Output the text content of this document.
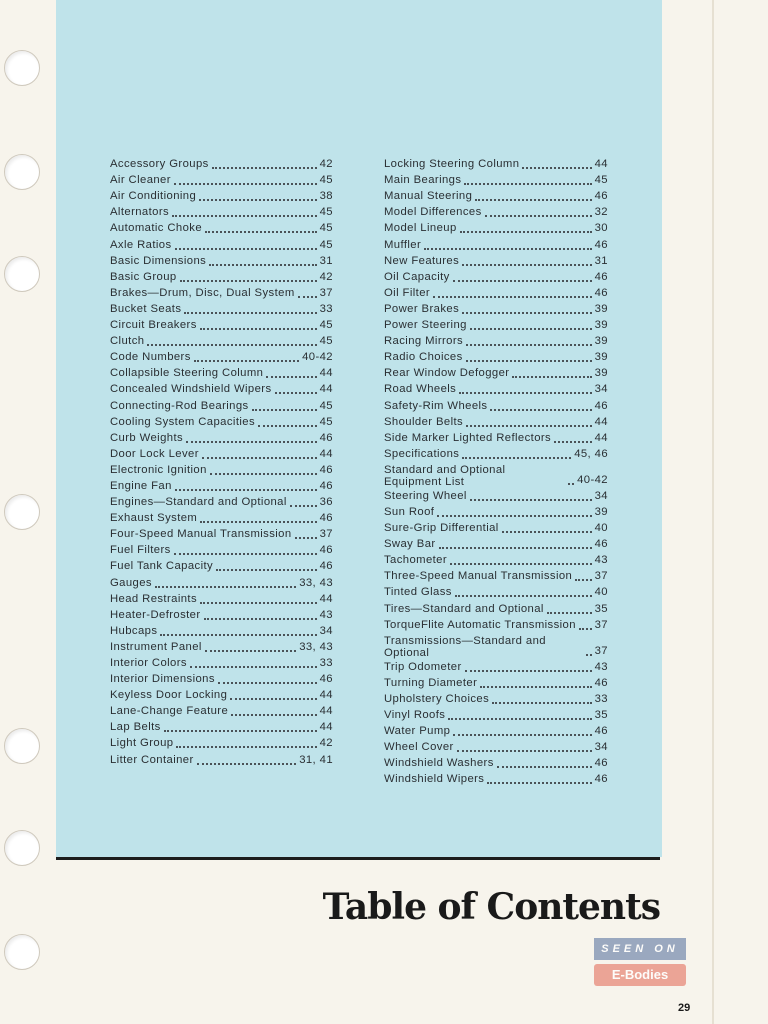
Accessory Groups	42
Air Cleaner	45
Air Conditioning	38
Alternators	45
Automatic Choke	45
Axle Ratios	45
Basic Dimensions	31
Basic Group	42
Brakes—Drum, Disc, Dual System 37
Bucket Seats	33
Circuit Breakers	45
Clutch	45
Code Numbers	40-42
Collapsible Steering Column	44
Concealed Windshield Wipers	44
Connecting-Rod Bearings	45
Cooling System Capacities	45
Curb Weights	46
Door Lock Lever	44
Electronic Ignition	46
Engine Fan	46
Engines—Standard and Optional	36
Exhaust System	46
Four-Speed Manual Transmission 37
Fuel Filters	46
Fuel Tank Capacity	46
Gauges	33, 43
Head Restraints	44
Heater-Defroster	43
Hubcaps	34
Instrument Panel	33, 43
Interior Colors	33
Interior Dimensions	46
Keyless Door Locking	44
Lane-Change Feature	44
Lap Belts	44
Light Group	42
Litter Container	31, 41
Locking Steering Column	44
Main Bearings	45
Manual Steering	46
Model Differences	32
Model Lineup	30
Muffler	46
New Features	31
Oil Capacity	46
Oil Filter	46
Power Brakes	39
Power Steering	39
Racing Mirrors	39
Radio Choices	39
Rear Window Defogger	39
Road Wheels	34
Safety-Rim Wheels	46
Shoulder Belts	44
Side Marker Lighted Reflectors	44
Specifications	45, 46
Standard and Optional Equipment List	40-42
Steering Wheel	34
Sun Roof	39
Sure-Grip Differential	40
Sway Bar	46
Tachometer	43
Three-Speed Manual Transmission 37
Tinted Glass	40
Tires—Standard and Optional	35
TorqueFlite Automatic Transmission 37
Transmissions—Standard and Optional	37
Trip Odometer	43
Turning Diameter	46
Upholstery Choices	33
Vinyl Roofs	35
Water Pump	46
Wheel Cover	34
Windshield Washers	46
Windshield Wipers	46
Table of Contents
SEEN ON
E-Bodies
29
